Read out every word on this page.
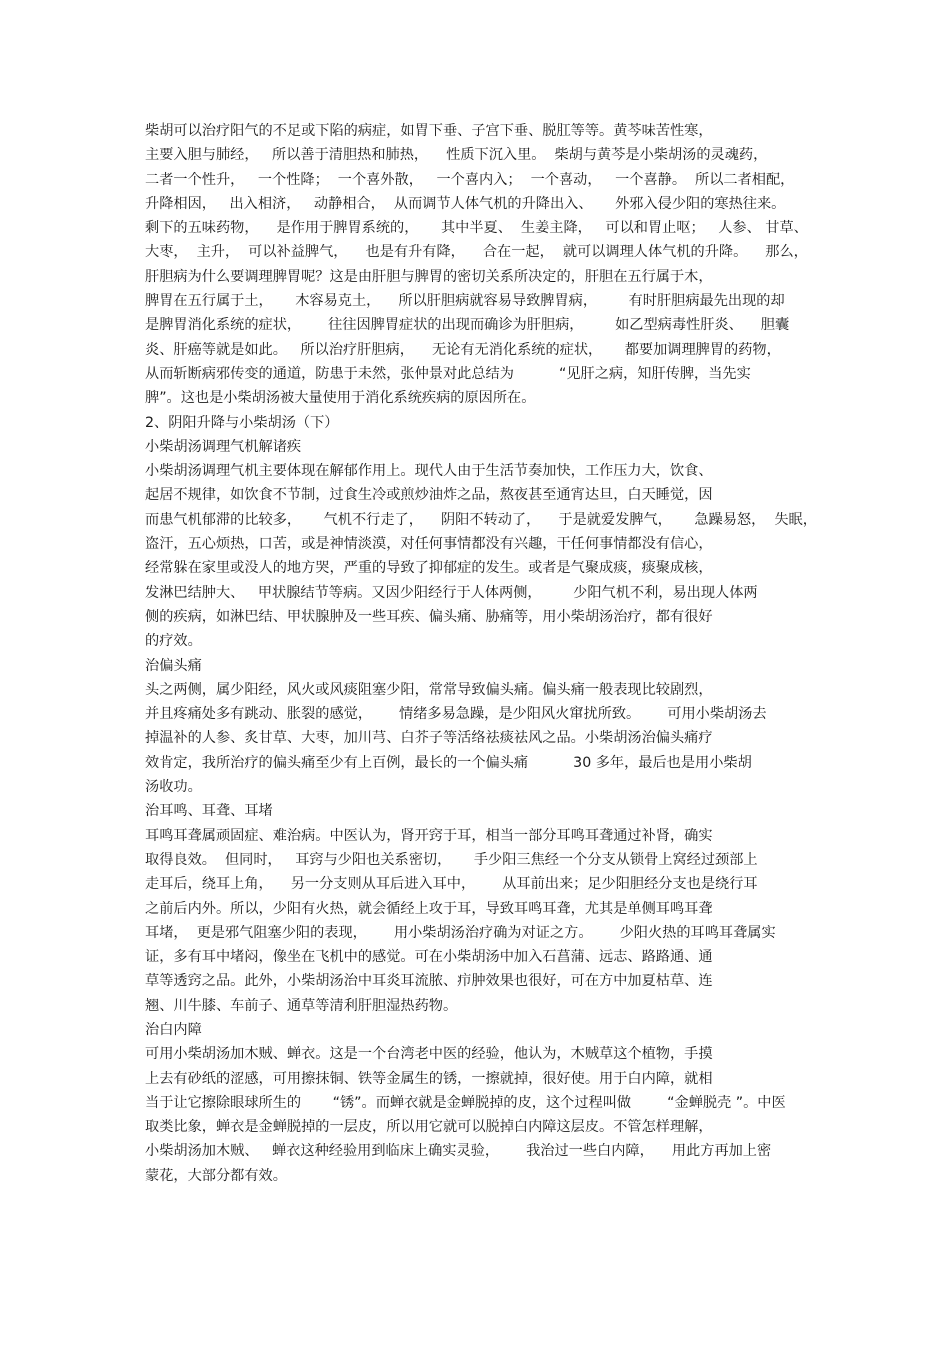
柴胡可以治疗阳气的不足或下陷的病症，如胃下垂、子宫下垂、脱肛等等。黄芩味苦性寒，
主要入胆与肺经，   所以善于清胆热和肺热，    性质下沉入里。  柴胡与黄芩是小柴胡汤的灵魂药，
二者一个性升，   一个性降；  一个喜外散，   一个喜内入；  一个喜动，   一个喜静。  所以二者相配，
升降相因，   出入相济，   动静相合，  从而调节人体气机的升降出入、     外邪入侵少阳的寒热往来。
剩下的五味药物，    是作用于脾胃系统的，     其中半夏、  生姜主降，   可以和胃止呕；   人参、 甘草、
大枣，  主升，  可以补益脾气，    也是有升有降，    合在一起，  就可以调理人体气机的升降。    那么，
肝胆病为什么要调理脾胃呢？这是由肝胆与脾胃的密切关系所决定的，肝胆在五行属于木，
脾胃在五行属于土，     木容易克土，    所以肝胆病就容易导致脾胃病，       有时肝胆病最先出现的却
是脾胃消化系统的症状，      往往因脾胃症状的出现而确诊为肝胆病，       如乙型病毒性肝炎、    胆囊
炎、肝癌等就是如此。   所以治疗肝胆病，    无论有无消化系统的症状，     都要加调理脾胃的药物，
从而斩断病邪传变的通道，防患于未然，张仲景对此总结为          “见肝之病，知肝传脾，当先实
脾”。这也是小柴胡汤被大量使用于消化系统疾病的原因所在。
2、阴阳升降与小柴胡汤（下）
小柴胡汤调理气机解诸疾
小柴胡汤调理气机主要体现在解郁作用上。现代人由于生活节奏加快，工作压力大，饮食、
起居不规律，如饮食不节制，过食生冷或煎炒油炸之品，熬夜甚至通宵达旦，白天睡觉，因
而患气机郁滞的比较多，     气机不行走了，    阴阳不转动了，    于是就爱发脾气，     急躁易怒，  失眠，
盗汗，五心烦热，口苦，或是神情淡漠，对任何事情都没有兴趣，干任何事情都没有信心，
经常躲在家里或没人的地方哭，严重的导致了抑郁症的发生。或者是气聚成痰，痰聚成核，
发淋巴结肿大、   甲状腺结节等病。又因少阳经行于人体两侧，       少阳气机不利，易出现人体两
侧的疾病，如淋巴结、甲状腺肿及一些耳疾、偏头痛、胁痛等，用小柴胡汤治疗，都有很好
的疗效。
治偏头痛
头之两侧，属少阳经，风火或风痰阻塞少阳，常常导致偏头痛。偏头痛一般表现比较剧烈，
并且疼痛处多有跳动、胀裂的感觉，      情绪多易急躁，是少阳风火窜扰所致。      可用小柴胡汤去
掉温补的人参、炙甘草、大枣，加川芎、白芥子等活络祛痰祛风之品。小柴胡汤治偏头痛疗
效肯定，我所治疗的偏头痛至少有上百例，最长的一个偏头痛          30 多年，最后也是用小柴胡
汤收功。
治耳鸣、耳聋、耳堵
耳鸣耳聋属顽固症、难治病。中医认为，肾开窍于耳，相当一部分耳鸣耳聋通过补肾，确实
取得良效。  但同时，   耳窍与少阳也关系密切，     手少阳三焦经一个分支从锁骨上窝经过颈部上
走耳后，绕耳上角，    另一分支则从耳后进入耳中，      从耳前出来；足少阳胆经分支也是绕行耳
之前后内外。所以，少阳有火热，就会循经上攻于耳，导致耳鸣耳聋，尤其是单侧耳鸣耳聋
耳堵，  更是邪气阻塞少阳的表现，      用小柴胡汤治疗确为对证之方。      少阳火热的耳鸣耳聋属实
证，多有耳中堵闷，像坐在飞机中的感觉。可在小柴胡汤中加入石菖蒲、远志、路路通、通
草等透窍之品。此外，小柴胡汤治中耳炎耳流脓、疖肿效果也很好，可在方中加夏枯草、连
翘、川牛膝、车前子、通草等清利肝胆湿热药物。
治白内障
可用小柴胡汤加木贼、蝉衣。这是一个台湾老中医的经验，他认为，木贼草这个植物，手摸
上去有砂纸的涩感，可用擦抹铜、铁等金属生的锈，一擦就掉，很好使。用于白内障，就相
当于让它擦除眼球所生的       “锈”。而蝉衣就是金蝉脱掉的皮，这个过程叫做        “金蝉脱壳 ”。中医
取类比象，蝉衣是金蝉脱掉的一层皮，所以用它就可以脱掉白内障这层皮。不管怎样理解，
小柴胡汤加木贼、   蝉衣这种经验用到临床上确实灵验，      我治过一些白内障，    用此方再加上密
蒙花，大部分都有效。
